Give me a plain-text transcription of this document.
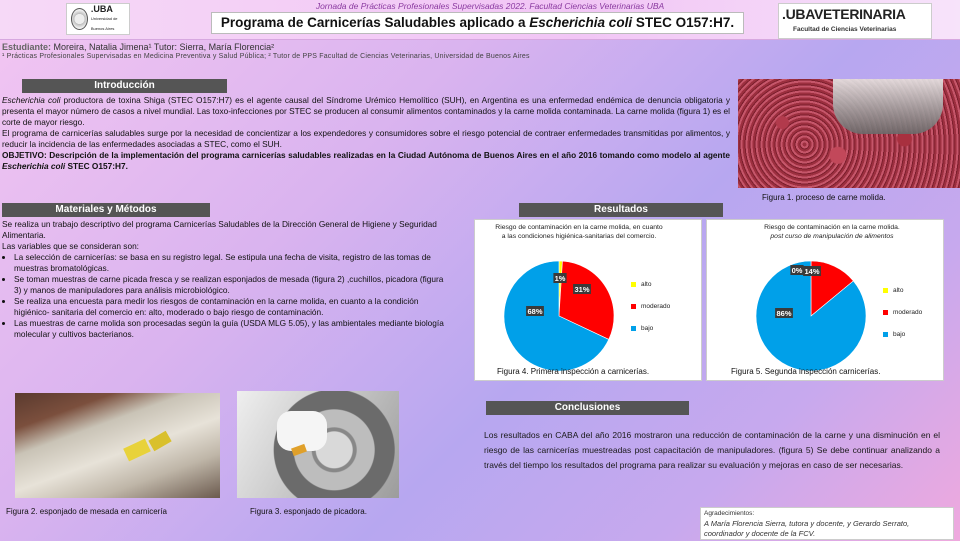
.UBA
Universidad de Buenos Aires
Jornada de Prácticas Profesionales Supervisadas 2022. Facultad Ciencias Veterinarias UBA
Programa de Carnicerías Saludables aplicado a Escherichia coli STEC O157:H7.
.UBAVETERINARIA
Facultad de Ciencias Veterinarias
Estudiante: Moreira, Natalia Jimena¹ Tutor: Sierra, María Florencia²
¹ Prácticas Profesionales Supervisadas en Medicina Preventiva y Salud Pública; ² Tutor de PPS Facultad de Ciencias Veterinarias, Universidad de Buenos Aires
Introducción
Escherichia coli productora de toxina Shiga (STEC O157:H7) es el agente causal del Síndrome Urémico Hemolítico (SUH), en Argentina es una enfermedad endémica de denuncia obligatoria y presenta el mayor número de casos a nivel mundial. Las toxo-infecciones por STEC se producen al consumir alimentos contaminados y la carne molida contaminada. La carne molida (figura 1) es el corte de mayor riesgo.
El programa de carnicerías saludables surge por la necesidad de concientizar a los expendedores y consumidores sobre el riesgo potencial de contraer enfermedades transmitidas por alimentos, y reducir la incidencia de las enfermedades asociadas a STEC, como el SUH.
OBJETIVO: Descripción de la implementación del programa carnicerías saludables realizadas en la Ciudad Autónoma de Buenos Aires en el año 2016 tomando como modelo al agente Escherichia coli STEC O157:H7.
Figura 1. proceso de carne molida.
Materiales y Métodos
Se realiza un trabajo descriptivo del programa Carnicerías Saludables de la Dirección General de Higiene y Seguridad Alimentaria.
Las variables que se consideran son:
• La selección de carnicerías: se basa en su registro legal. Se estipula una fecha de visita, registro de las tomas de muestras bromatológicas.
• Se toman muestras de carne picada fresca y se realizan esponjados de mesada (figura 2) ,cuchillos, picadora (figura 3) y manos de manipuladores para análisis microbiológico.
• Se realiza una encuesta para medir los riesgos de contaminación en la carne molida, en cuanto a la condición higiénico- sanitaria del comercio en: alto, moderado o bajo riesgo de contaminación.
• Las muestras de carne molida son procesadas según la guía (USDA MLG 5.05), y las ambientales mediante biología molecular y cultivos bacterianos.
Figura 2. esponjado de mesada en carnicería	Figura 3. esponjado de picadora.
Resultados
Riesgo de contaminación en la carne molida, en cuanto a las condiciones higiénica-sanitarias del comercio.
1%
31%
68%
alto
moderado
bajo
Figura 4. Primera inspección a carnicerías.
Riesgo de contaminación en la carne molida.
post curso de manipulación de alimentos
0% 14%
86%
alto
moderado
bajo
Figura 5. Segunda inspección carnicerías.
Conclusiones
Los resultados en CABA del año 2016 mostraron una reducción de contaminación de la carne y una disminución en el riesgo de las carnicerías muestreadas post capacitación de manipuladores. (figura 5) Se debe continuar analizando a través del tiempo los resultados del programa para realizar su evaluación y mejoras en caso de ser necesarias.
Agradecimientos:
A María Florencia Sierra, tutora y docente, y Gerardo Serrato, coordinador y docente de la FCV.
